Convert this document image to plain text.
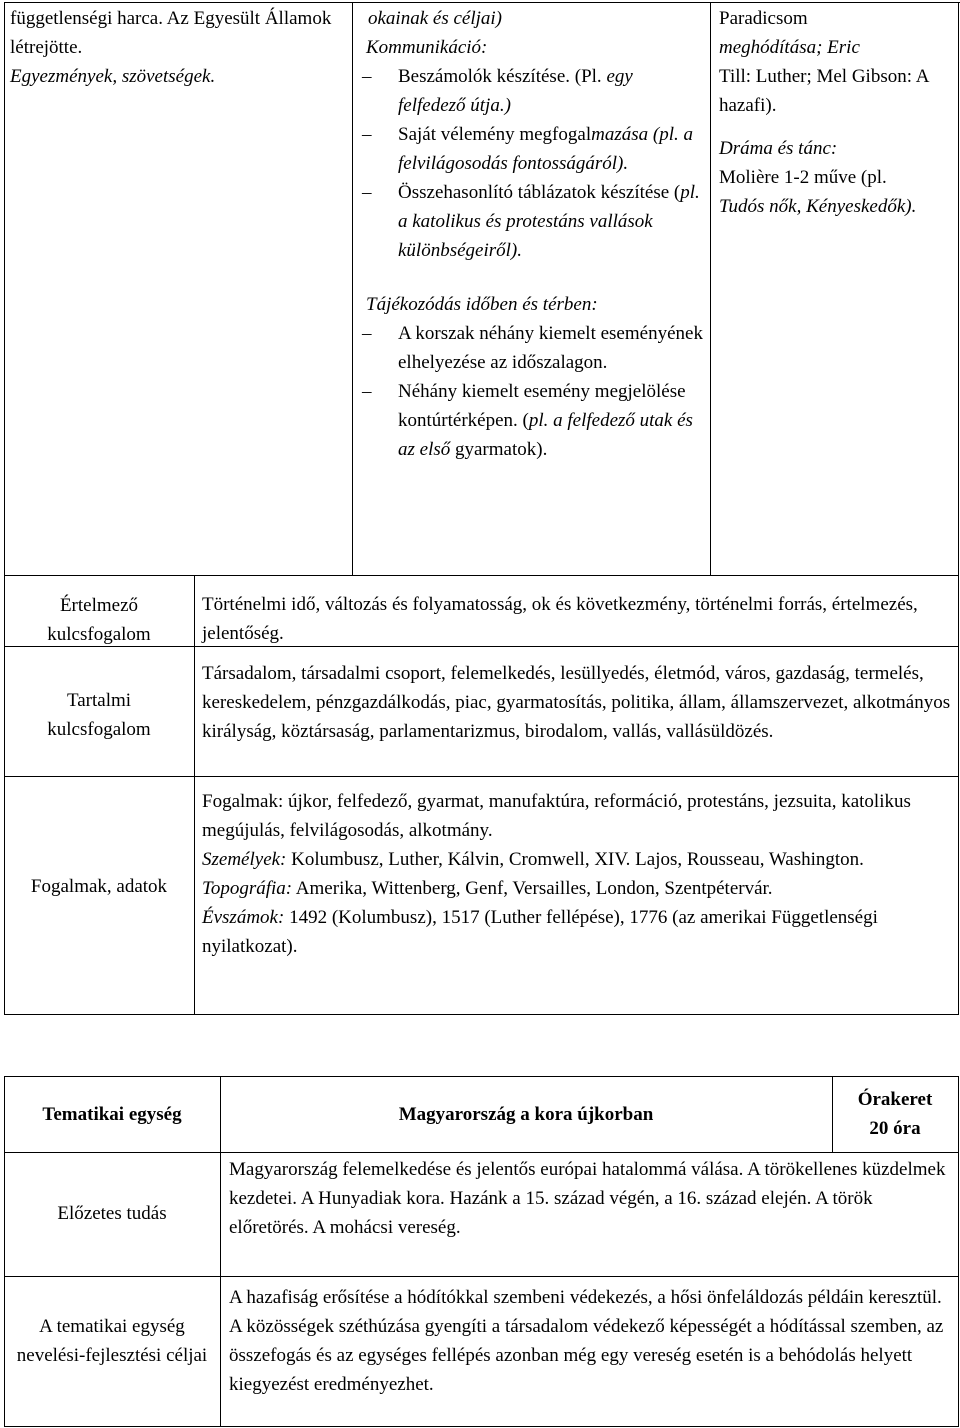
függetlenségi harca. Az Egyesült Államok létrejötte.
Egyezmények, szövetségek.
okainak és céljai)
Kommunikáció:
– Beszámolók készítése. (Pl. egy felfedező útja.)
– Saját vélemény megfogalmazása (pl. a felvilágosodás fontosságáról).
– Összehasonlító táblázatok készítése (pl. a katolikus és protestáns vallások különbségeiről).
Tájékozódás időben és térben:
– A korszak néhány kiemelt eseményének elhelyezése az időszalagon.
– Néhány kiemelt esemény megjelölése kontúrtérképen. (pl. a felfedező utak és az első gyarmatok).
Paradicsom
meghódítása; Eric
Till: Luther; Mel Gibson: A hazafi).
Dráma és tánc:
Molière 1-2 műve (pl.
Tudós nők, Kényeskedők).
Értelmező kulcsfogalom
Történelmi idő, változás és folyamatosság, ok és következmény, történelmi forrás, értelmezés, jelentőség.
Tartalmi kulcsfogalom
Társadalom, társadalmi csoport, felemelkedés, lesüllyedés, életmód, város, gazdaság, termelés, kereskedelem, pénzgazdálkodás, piac, gyarmatosítás, politika, állam, államszervezet, alkotmányos királyság, köztársaság, parlamentarizmus, birodalom, vallás, vallásüldözés.
Fogalmak, adatok
Fogalmak: újkor, felfedező, gyarmat, manufaktúra, reformáció, protestáns, jezsuita, katolikus megújulás, felvilágosodás, alkotmány.
Személyek: Kolumbusz, Luther, Kálvin, Cromwell, XIV. Lajos, Rousseau, Washington.
Topográfia: Amerika, Wittenberg, Genf, Versailles, London, Szentpétervár.
Évszámok: 1492 (Kolumbusz), 1517 (Luther fellépése), 1776 (az amerikai Függetlenségi nyilatkozat).
Tematikai egység	Magyarország a kora újkorban
Órakeret
20 óra
Előzetes tudás
Magyarország felemelkedése és jelentős európai hatalommá válása. A törökellenes küzdelmek kezdetei. A Hunyadiak kora. Hazánk a 15. század végén, a 16. század elején. A török előretörés. A mohácsi vereség.
A tematikai egység nevelési-fejlesztési céljai
A hazafiság erősítése a hódítókkal szembeni védekezés, a hősi önfeláldozás példáin keresztül. A közösségek széthúzása gyengíti a társadalom védekező képességét a hódítással szemben, az összefogás és az egységes fellépés azonban még egy vereség esetén is a behódolás helyett kiegyezést eredményezhet.
